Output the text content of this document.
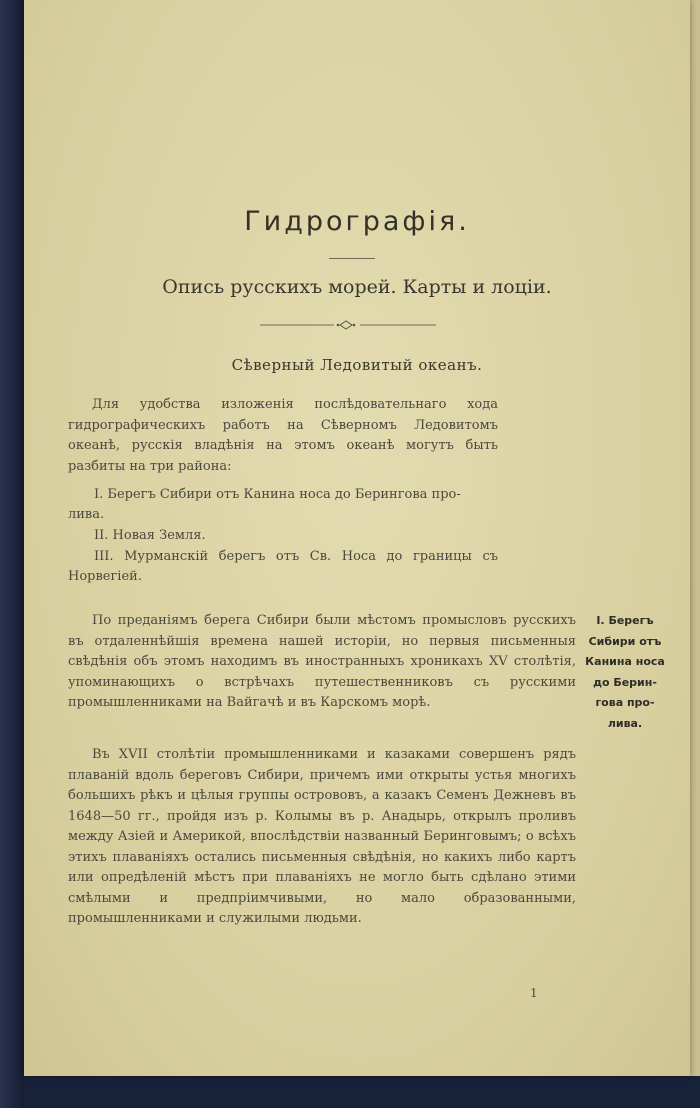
Гидрографія.
Опись русскихъ морей. Карты и лоціи.
Сѣверный Ледовитый океанъ.
Для удобства изложенія послѣдовательнаго хода гидрографическихъ работъ на Сѣверномъ Ледовитомъ океанѣ, русскія владѣнія на этомъ океанѣ могутъ быть разбиты на три района:
I. Берегъ Сибири отъ Канина носа до Берингова про-
лива.
II. Новая Земля.
III. Мурманскій берегъ отъ Св. Носа до границы съ
Норвегіей.
По преданіямъ берега Сибири были мѣстомъ промысловъ русскихъ въ отдаленнѣйшія времена нашей исторіи, но первыя письменныя свѣдѣнія объ этомъ находимъ въ иностранныхъ хроникахъ XV столѣтія, упоминающихъ о встрѣчахъ путешественниковъ съ русскими промышленниками на Вайгачѣ и въ Карскомъ морѣ.
Въ XVII столѣтіи промышленниками и казаками совершенъ рядъ плаваній вдоль береговъ Сибири, причемъ ими открыты устья многихъ большихъ рѣкъ и цѣлыя группы острововъ, а казакъ Семенъ Дежневъ въ 1648—50 гг., пройдя изъ р. Колымы въ р. Анадырь, открылъ проливъ между Азіей и Америкой, впослѣдствіи названный Беринговымъ; о всѣхъ этихъ плаваніяхъ остались письменныя свѣдѣнія, но какихъ либо картъ или опредѣленій мѣстъ при плаваніяхъ не могло быть сдѣлано этими смѣлыми и предпріимчивыми, но мало образованными, промышленниками и служилыми людьми.
I. Берегъ
Сибири отъ
Канина носа
до Берин-
гова про-
лива.
1
